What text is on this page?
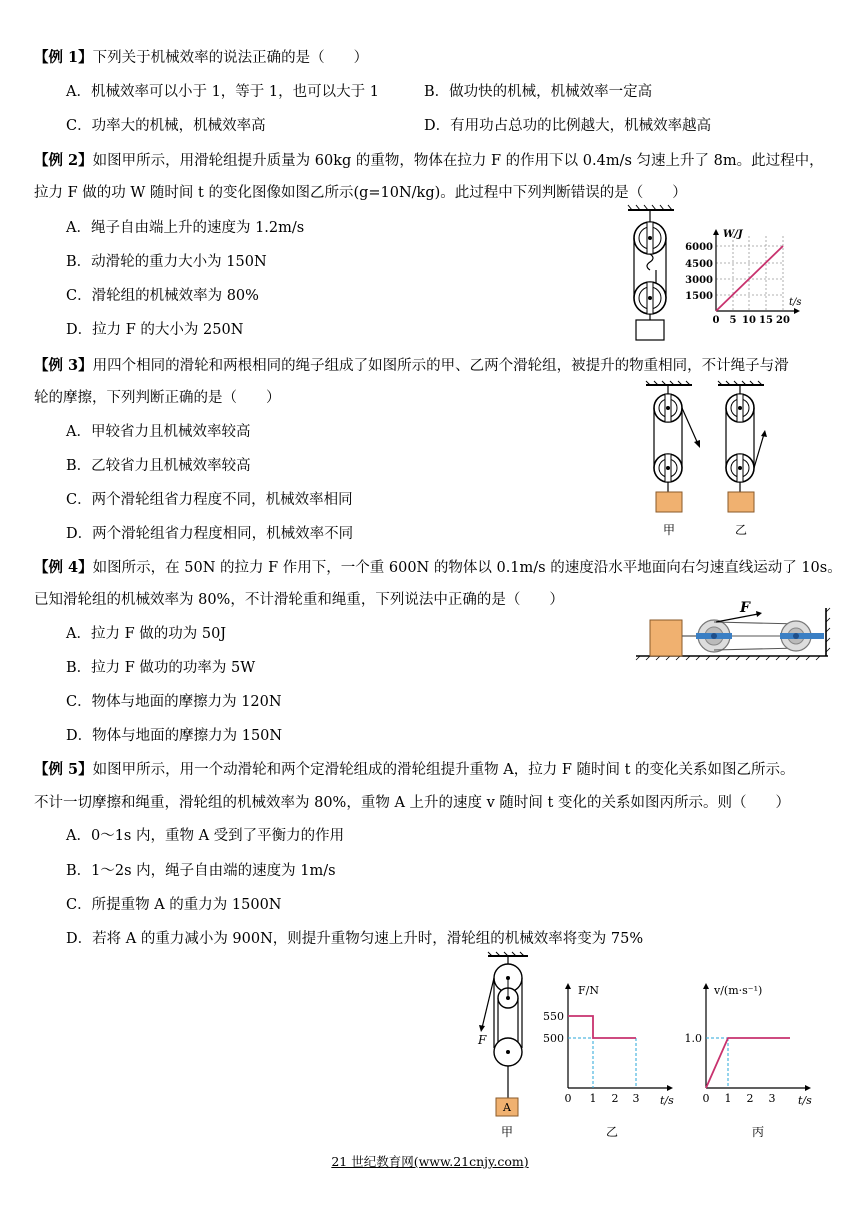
【例 1】下列关于机械效率的说法正确的是（　　）
A．机械效率可以小于 1，等于 1，也可以大于 1	B．做功快的机械，机械效率一定高
C．功率大的机械，机械效率高	D．有用功占总功的比例越大，机械效率越高
【例 2】如图甲所示，用滑轮组提升质量为 60kg 的重物，物体在拉力 F 的作用下以 0.4m/s 匀速上升了 8m。此过程中，
拉力 F 做的功 W 随时间 t 的变化图像如图乙所示(g=10N/kg)。此过程中下列判断错误的是（　　）
A．绳子自由端上升的速度为 1.2m/s
B．动滑轮的重力大小为 150N
C．滑轮组的机械效率为 80%
D．拉力 F 的大小为 250N
W/J
t/s
6000
4500
3000
1500
0 5 10 15 20
【例 3】用四个相同的滑轮和两根相同的绳子组成了如图所示的甲、乙两个滑轮组，被提升的物重相同，不计绳子与滑
轮的摩擦，下列判断正确的是（　　）
A．甲较省力且机械效率较高
B．乙较省力且机械效率较高
C．两个滑轮组省力程度不同，机械效率相同
D．两个滑轮组省力程度相同，机械效率不同	甲	乙
【例 4】如图所示，在 50N 的拉力 F 作用下，一个重 600N 的物体以 0.1m/s 的速度沿水平地面向右匀速直线运动了 10s。
已知滑轮组的机械效率为 80%，不计滑轮重和绳重，下列说法中正确的是（　　）
A．拉力 F 做的功为 50J
B．拉力 F 做功的功率为 5W
C．物体与地面的摩擦力为 120N
D．物体与地面的摩擦力为 150N
F
【例 5】如图甲所示，用一个动滑轮和两个定滑轮组成的滑轮组提升重物 A，拉力 F 随时间 t 的变化关系如图乙所示。
不计一切摩擦和绳重，滑轮组的机械效率为 80%，重物 A 上升的速度 v 随时间 t 变化的关系如图丙所示。则（　　）
A．0～1s 内，重物 A 受到了平衡力的作用
B．1～2s 内，绳子自由端的速度为 1m/s
C．所提重物 A 的重力为 1500N
D．若将 A 的重力减小为 900N，则提升重物匀速上升时，滑轮组的机械效率将变为 75%
F
A
甲
F/N
t/s
550
500
0 1 2 3
乙
v/(m·s⁻¹)
t/s
1.0
0 1 2 3
丙
21 世纪教育网(www.21cnjy.com)
